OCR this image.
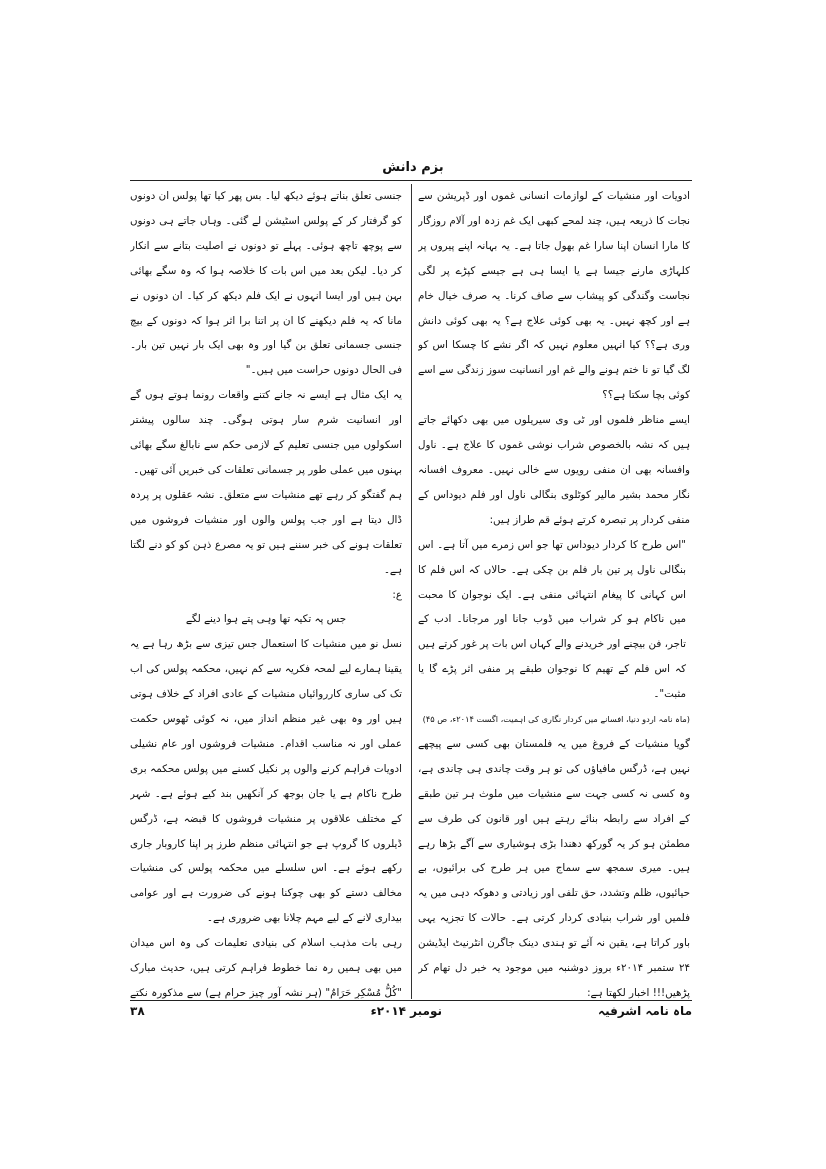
بزم دانش

ادویات اور منشیات کے لوازمات انسانی غموں اور ڈپریشن سے نجات کا ذریعہ ہیں، چند لمحے کبھی ایک غم زدہ اور آلام روزگار کا مارا انسان اپنا سارا غم بھول جاتا ہے۔ یہ بہانہ اپنے پیروں پر کلہاڑی مارنے جیسا ہے یا ایسا ہی ہے جیسے کپڑے پر لگی نجاست وگندگی کو پیشاب سے صاف کرنا۔ یہ صرف خیال خام ہے اور کچھ نہیں۔ یہ بھی کوئی علاج ہے؟ یہ بھی کوئی دانش وری ہے؟؟ کیا انہیں معلوم نہیں کہ اگر نشے کا چسکا اس کو لگ گیا تو نا ختم ہونے والے غم اور انسانیت سوز زندگی سے اسے کوئی بچا سکتا ہے؟؟

ایسے مناظر فلموں اور ٹی وی سیریلوں میں بھی دکھائے جاتے ہیں کہ نشہ بالخصوص شراب نوشی غموں کا علاج ہے۔ ناول وافسانہ بھی ان منفی رویوں سے خالی نہیں۔ معروف افسانہ نگار محمد بشیر مالیر کوٹلوی بنگالی ناول اور فلم دیوداس کے منفی کردار پر تبصرہ کرتے ہوئے قم طراز ہیں:

"اس طرح کا کردار دیوداس تھا جو اس زمرے میں آتا ہے۔ اس بنگالی ناول پر تین بار فلم بن چکی ہے۔ حالاں کہ اس فلم کا اس کہانی کا پیغام انتہائی منفی ہے۔ ایک نوجوان کا محبت میں ناکام ہو کر شراب میں ڈوب جانا اور مرجانا۔ ادب کے تاجر، فن بیچنے اور خریدنے والے کہاں اس بات پر غور کرتے ہیں کہ اس فلم کے تھیم کا نوجوان طبقے پر منفی اثر پڑے گا یا مثبت"۔

(ماہ نامہ اردو دنیا، افسانے میں کردار نگاری کی اہمیت، اگست ۲۰۱۴ء، ص ۴۵)

گویا منشیات کے فروغ میں یہ فلمستان بھی کسی سے پیچھے نہیں ہے، ڈرگس مافیاؤں کی تو ہر وقت چاندی ہی چاندی ہے، وہ کسی نہ کسی جہت سے منشیات میں ملوث ہر تین طبقے کے افراد سے رابطہ بنائے رہتے ہیں اور قانون کی طرف سے مطمئن ہو کر یہ گورکھ دھندا بڑی ہوشیاری سے آگے بڑھا رہے ہیں۔ میری سمجھ سے سماج میں ہر طرح کی برائیوں، بے حیائیوں، ظلم وتشدد، حق تلفی اور زیادتی و دھوکہ دہی میں یہ فلمیں اور شراب بنیادی کردار کرتی ہے۔ حالات کا تجزیہ یہی باور کراتا ہے، یقین نہ آئے تو ہندی دینک جاگرن انٹرنیٹ ایڈیشن ۲۴ ستمبر ۲۰۱۴ء بروز دوشنبہ میں موجود یہ خبر دل تھام کر پڑھیں!!! اخبار لکھتا ہے:

جنسی تعلق بناتے ہوئے دیکھ لیا۔ بس پھر کیا تھا پولس ان دونوں کو گرفتار کر کے پولس اسٹیشن لے گئی۔ وہاں جاتے ہی دونوں سے پوچھ تاچھ ہوئی۔ پہلے تو دونوں نے اصلیت بتانے سے انکار کر دیا۔ لیکن بعد میں اس بات کا خلاصہ ہوا کہ وہ سگے بھائی بہن ہیں اور ایسا انہوں نے ایک فلم دیکھ کر کیا۔ ان دونوں نے مانا کہ یہ فلم دیکھنے کا ان پر اتنا برا اثر ہوا کہ دونوں کے بیچ جنسی جسمانی تعلق بن گیا اور وہ بھی ایک بار نہیں تین بار۔ فی الحال دونوں حراست میں ہیں۔"

یہ ایک مثال ہے ایسے نہ جانے کتنے واقعات رونما ہوتے ہوں گے اور انسانیت شرم سار ہوتی ہوگی۔ چند سالوں پیشتر اسکولوں میں جنسی تعلیم کے لازمی حکم سے نابالغ سگے بھائی بہنوں میں عملی طور پر جسمانی تعلقات کی خبریں آئی تھیں۔

ہم گفتگو کر رہے تھے منشیات سے متعلق۔ نشہ عقلوں پر پردہ ڈال دیتا ہے اور جب پولس والوں اور منشیات فروشوں میں تعلقات ہونے کی خبر سننے ہیں تو یہ مصرع ذہن کو کو دنے لگتا ہے۔

ع:

جس پہ تکیہ تھا وہی پتے ہوا دینے لگے

نسل نو میں منشیات کا استعمال جس تیزی سے بڑھ رہا ہے یہ یقینا ہمارے لیے لمحہ فکریہ سے کم نہیں، محکمہ پولس کی اب تک کی ساری کارروائیاں منشیات کے عادی افراد کے خلاف ہوتی ہیں اور وہ بھی غیر منظم انداز میں، نہ کوئی ٹھوس حکمت عملی اور نہ مناسب اقدام۔ منشیات فروشوں اور عام نشیلی ادویات فراہم کرنے والوں پر نکیل کسنے میں پولس محکمہ بری طرح ناکام ہے یا جان بوجھ کر آنکھیں بند کیے ہوئے ہے۔ شہر کے مختلف علاقوں پر منشیات فروشوں کا قبضہ ہے، ڈرگس ڈیلروں کا گروپ ہے جو انتہائی منظم طرز پر اپنا کاروبار جاری رکھے ہوئے ہے۔ اس سلسلے میں محکمہ پولس کی منشیات مخالف دستے کو بھی چوکنا ہونے کی ضرورت ہے اور عوامی بیداری لانے کے لیے مہم چلانا بھی ضروری ہے۔

رہی بات مذہب اسلام کی بنیادی تعلیمات کی وہ اس میدان میں بھی ہمیں رہ نما خطوط فراہم کرتی ہیں، حدیث مبارک "کُلُّ مُسْکِرٍ حَرَامٌ" (ہر نشہ آور چیز حرام ہے) سے مذکورہ نکتے

ماہ نامہ اشرفیہ
نومبر ۲۰۱۴ء
۳۸
